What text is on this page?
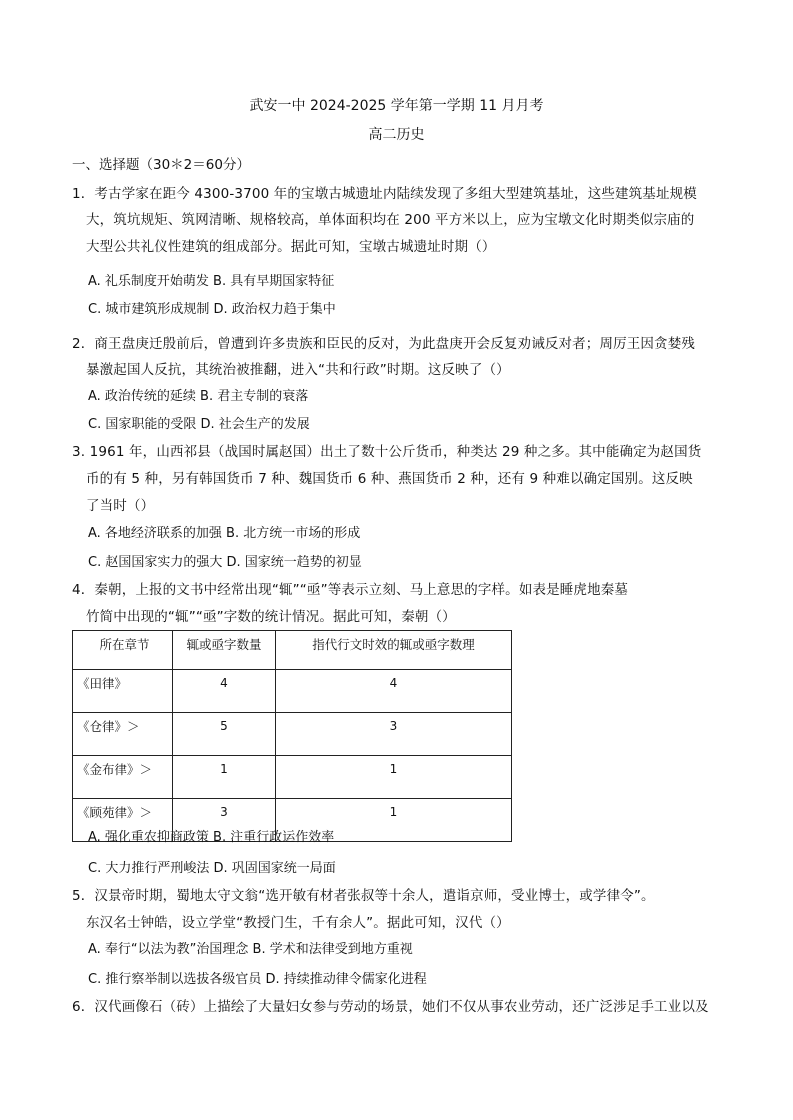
武安一中 2024-2025 学年第一学期 11 月月考
高二历史
一、选择题（30＊2＝60分）
1．考古学家在距今 4300-3700 年的宝墩古城遗址内陆续发现了多组大型建筑基址，这些建筑基址规模
大，筑坑规矩、筑网清晰、规格较高，单体面积均在 200 平方米以上，应为宝墩文化时期类似宗庙的
大型公共礼仪性建筑的组成部分。据此可知，宝墩古城遗址时期（）
A. 礼乐制度开始萌发 B. 具有早期国家特征
C. 城市建筑形成规制 D. 政治权力趋于集中
2．商王盘庚迁殷前后，曾遭到许多贵族和臣民的反对，为此盘庚开会反复劝诫反对者；周厉王因贪婪残
暴激起国人反抗，其统治被推翻，进入“共和行政”时期。这反映了（）
A. 政治传统的延续 B. 君主专制的衰落
C. 国家职能的受限 D. 社会生产的发展
3. 1961 年，山西祁县（战国时属赵国）出土了数十公斤货币，种类达 29 种之多。其中能确定为赵国货
币的有 5 种，另有韩国货币 7 种、魏国货币 6 种、燕国货币 2 种，还有 9 种难以确定国别。这反映
了当时（）
A. 各地经济联系的加强 B. 北方统一市场的形成
C. 赵国国家实力的强大 D. 国家统一趋势的初显
4．秦朝，上报的文书中经常出现“辄”“亟”等表示立刻、马上意思的字样。如表是睡虎地秦墓
竹简中出现的“辄”“亟”字数的统计情况。据此可知，秦朝（）
所在章节	辄或亟字数量	指代行文时效的辄或亟字数理
《田律》	4	4
《仓律》＞	5	3
《金布律》＞	1	1
《顾苑律》＞	3	1
A. 强化重农抑商政策 B. 注重行政运作效率
C. 大力推行严刑峻法 D. 巩固国家统一局面
5．汉景帝时期，蜀地太守文翁“选开敏有材者张叔等十余人，遣诣京师，受业博士，或学律令”。
东汉名士钟皓，设立学堂“教授门生，千有余人”。据此可知，汉代（）
A. 奉行“以法为教”治国理念 B. 学术和法律受到地方重视
C. 推行察举制以选拔各级官员 D. 持续推动律令儒家化进程
6．汉代画像石（砖）上描绘了大量妇女参与劳动的场景，她们不仅从事农业劳动，还广泛涉足手工业以及
